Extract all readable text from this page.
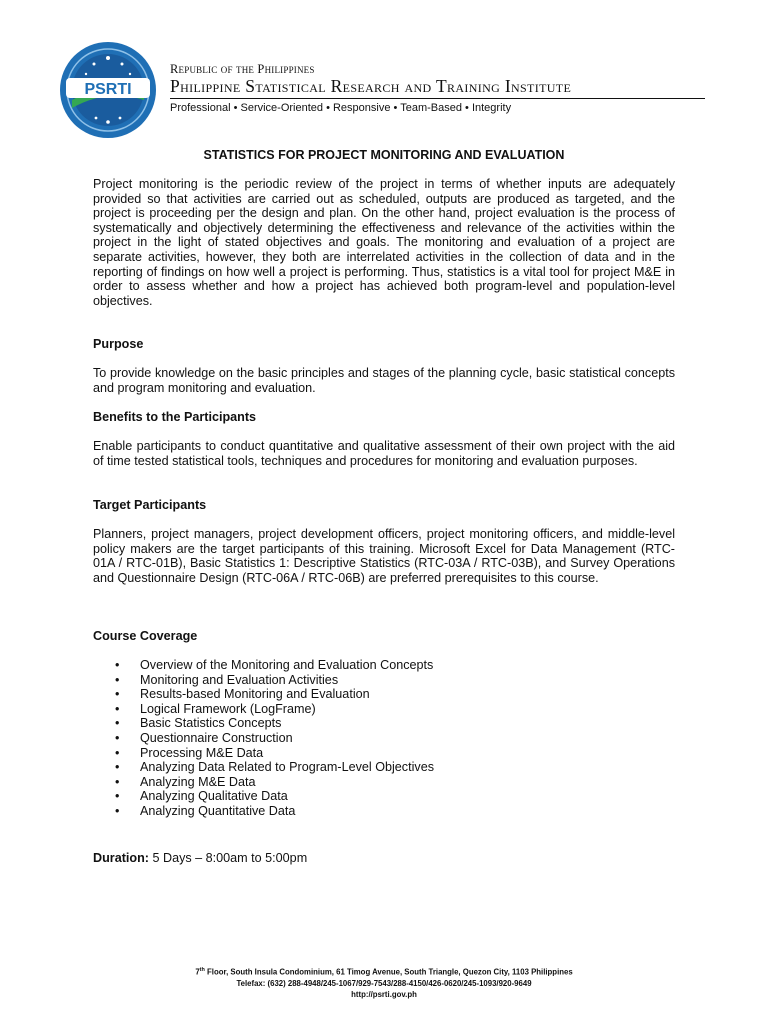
PSRTI
Republic of the Philippines
Philippine Statistical Research and Training Institute
Professional • Service-Oriented • Responsive • Team-Based • Integrity
STATISTICS FOR PROJECT MONITORING AND EVALUATION

Project monitoring is the periodic review of the project in terms of whether inputs are adequately provided so that activities are carried out as scheduled, outputs are produced as targeted, and the project is proceeding per the design and plan. On the other hand, project evaluation is the process of systematically and objectively determining the effectiveness and relevance of the activities within the project in the light of stated objectives and goals. The monitoring and evaluation of a project are separate activities, however, they both are interrelated activities in the collection of data and in the reporting of findings on how well a project is performing. Thus, statistics is a vital tool for project M&E in order to assess whether and how a project has achieved both program-level and population-level objectives.

Purpose

To provide knowledge on the basic principles and stages of the planning cycle, basic statistical concepts and program monitoring and evaluation.

Benefits to the Participants

Enable participants to conduct quantitative and qualitative assessment of their own project with the aid of time tested statistical tools, techniques and procedures for monitoring and evaluation purposes.

Target Participants

Planners, project managers, project development officers, project monitoring officers, and middle-level policy makers are the target participants of this training. Microsoft Excel for Data Management (RTC-01A / RTC-01B), Basic Statistics 1: Descriptive Statistics (RTC-03A / RTC-03B), and Survey Operations and Questionnaire Design (RTC-06A / RTC-06B) are preferred prerequisites to this course.

Course Coverage
• Overview of the Monitoring and Evaluation Concepts
• Monitoring and Evaluation Activities
• Results-based Monitoring and Evaluation
• Logical Framework (LogFrame)
• Basic Statistics Concepts
• Questionnaire Construction
• Processing M&E Data
• Analyzing Data Related to Program-Level Objectives
• Analyzing M&E Data
• Analyzing Qualitative Data
• Analyzing Quantitative Data
Duration: 5 Days – 8:00am to 5:00pm
7th Floor, South Insula Condominium, 61 Timog Avenue, South Triangle, Quezon City, 1103 Philippines
Telefax: (632) 288-4948/245-1067/929-7543/288-4150/426-0620/245-1093/920-9649
http://psrti.gov.ph
